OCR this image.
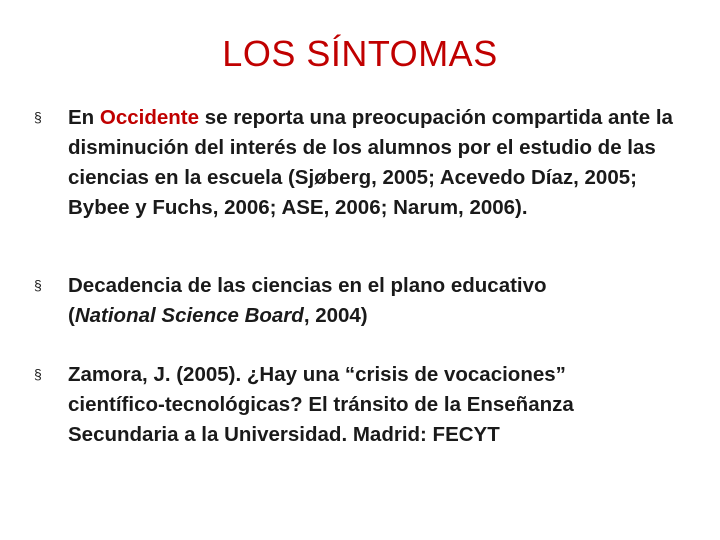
LOS SÍNTOMAS
§ En Occidente se reporta una preocupación compartida ante la disminución del interés de los alumnos por el estudio de las ciencias en la escuela (Sjøberg, 2005; Acevedo Díaz, 2005; Bybee y Fuchs, 2006; ASE, 2006; Narum, 2006).
§ Decadencia de las ciencias en el plano educativo
(National Science Board, 2004)
§ Zamora, J. (2005). ¿Hay una “crisis de vocaciones”
científico-tecnológicas? El tránsito de la Enseñanza
Secundaria a la Universidad. Madrid: FECYT
